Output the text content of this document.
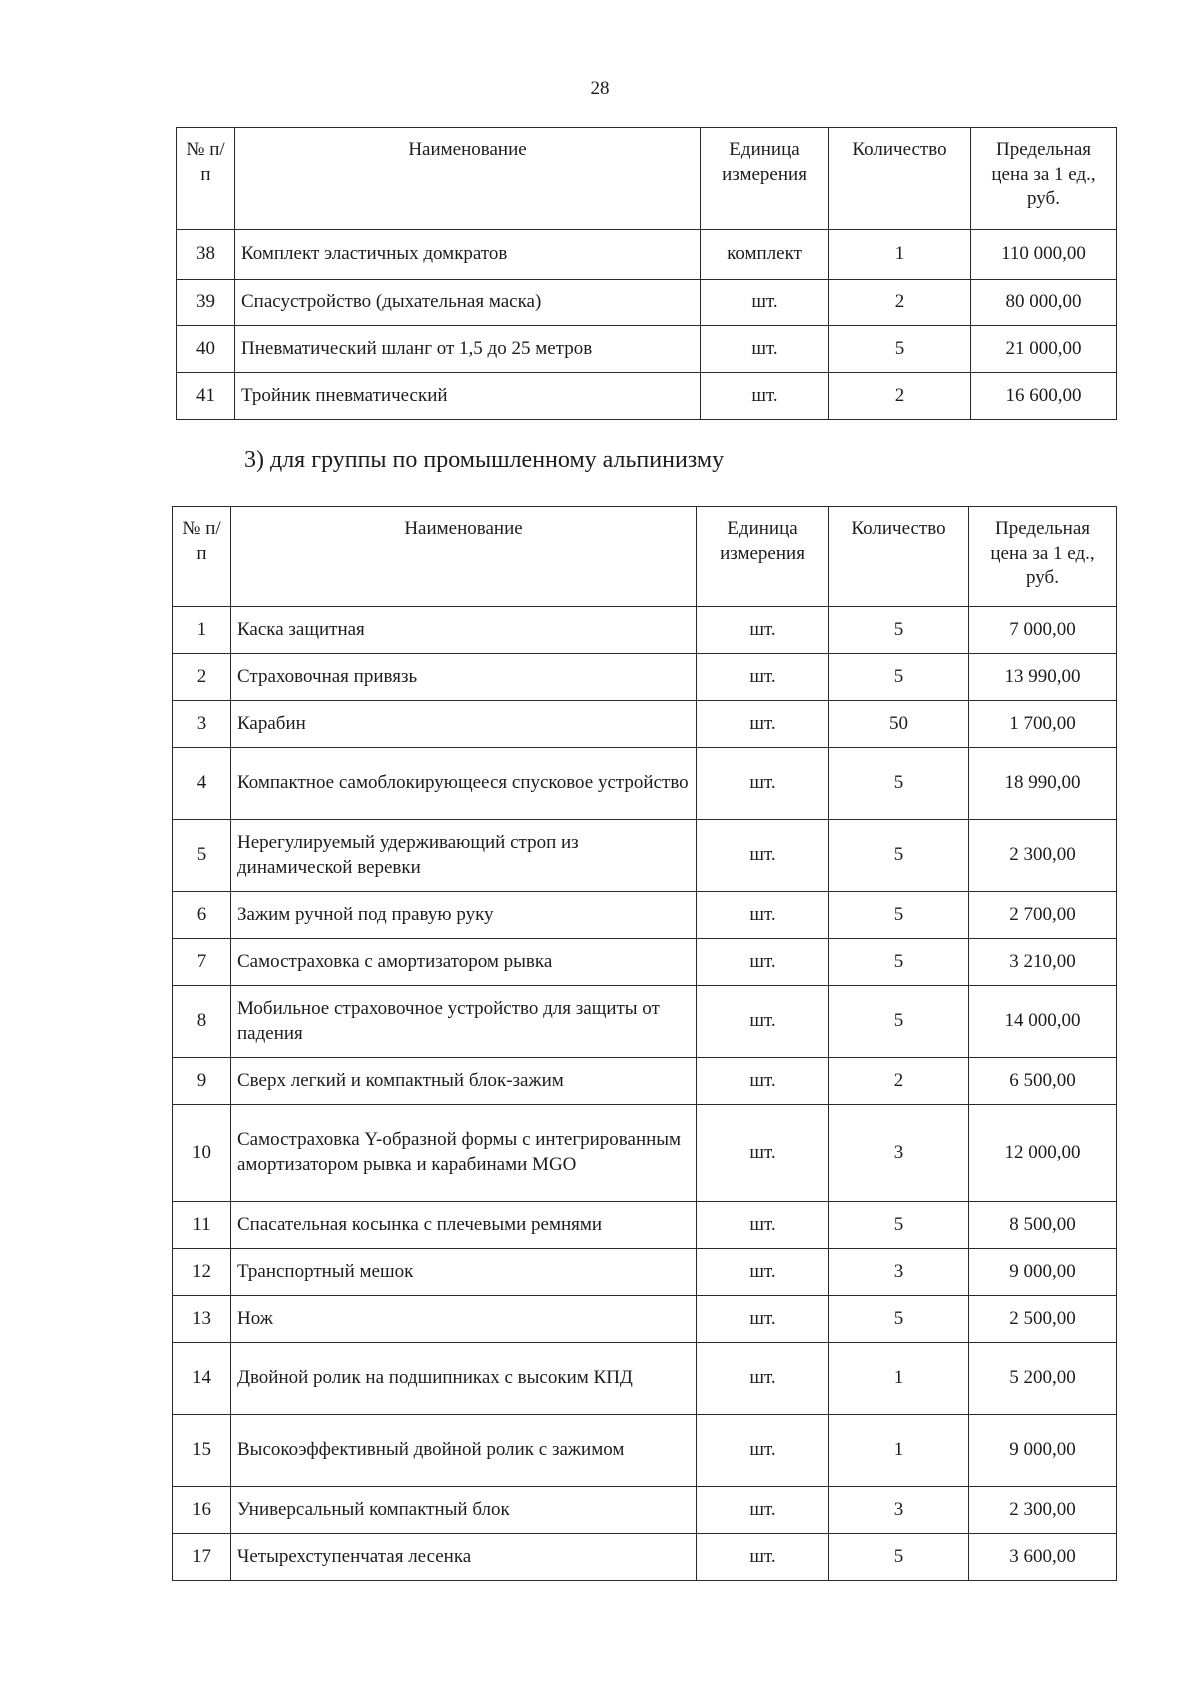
28
№ п/п	Наименование	Единица измерения	Количество	Предельная цена за 1 ед., руб.
38	Комплект эластичных домкратов	комплект	1	110 000,00
39	Спасустройство (дыхательная маска)	шт.	2	80 000,00
40	Пневматический шланг от 1,5 до 25 метров	шт.	5	21 000,00
41	Тройник пневматический	шт.	2	16 600,00
3) для группы по промышленному альпинизму
№ п/п	Наименование	Единица измерения	Количество	Предельная цена за 1 ед., руб.
1	Каска защитная	шт.	5	7 000,00
2	Страховочная привязь	шт.	5	13 990,00
3	Карабин	шт.	50	1 700,00
4	Компактное самоблокирующееся спусковое устройство	шт.	5	18 990,00
5	Нерегулируемый удерживающий строп из динамической веревки	шт.	5	2 300,00
6	Зажим ручной под правую руку	шт.	5	2 700,00
7	Самостраховка с амортизатором рывка	шт.	5	3 210,00
8	Мобильное страховочное устройство для защиты от падения	шт.	5	14 000,00
9	Сверх легкий и компактный блок-зажим	шт.	2	6 500,00
10	Самостраховка Y-образной формы с интегрированным амортизатором рывка и карабинами MGO	шт.	3	12 000,00
11	Спасательная косынка с плечевыми ремнями	шт.	5	8 500,00
12	Транспортный мешок	шт.	3	9 000,00
13	Нож	шт.	5	2 500,00
14	Двойной ролик на подшипниках с высоким КПД	шт.	1	5 200,00
15	Высокоэффективный двойной ролик с зажимом	шт.	1	9 000,00
16	Универсальный компактный блок	шт.	3	2 300,00
17	Четырехступенчатая лесенка	шт.	5	3 600,00
